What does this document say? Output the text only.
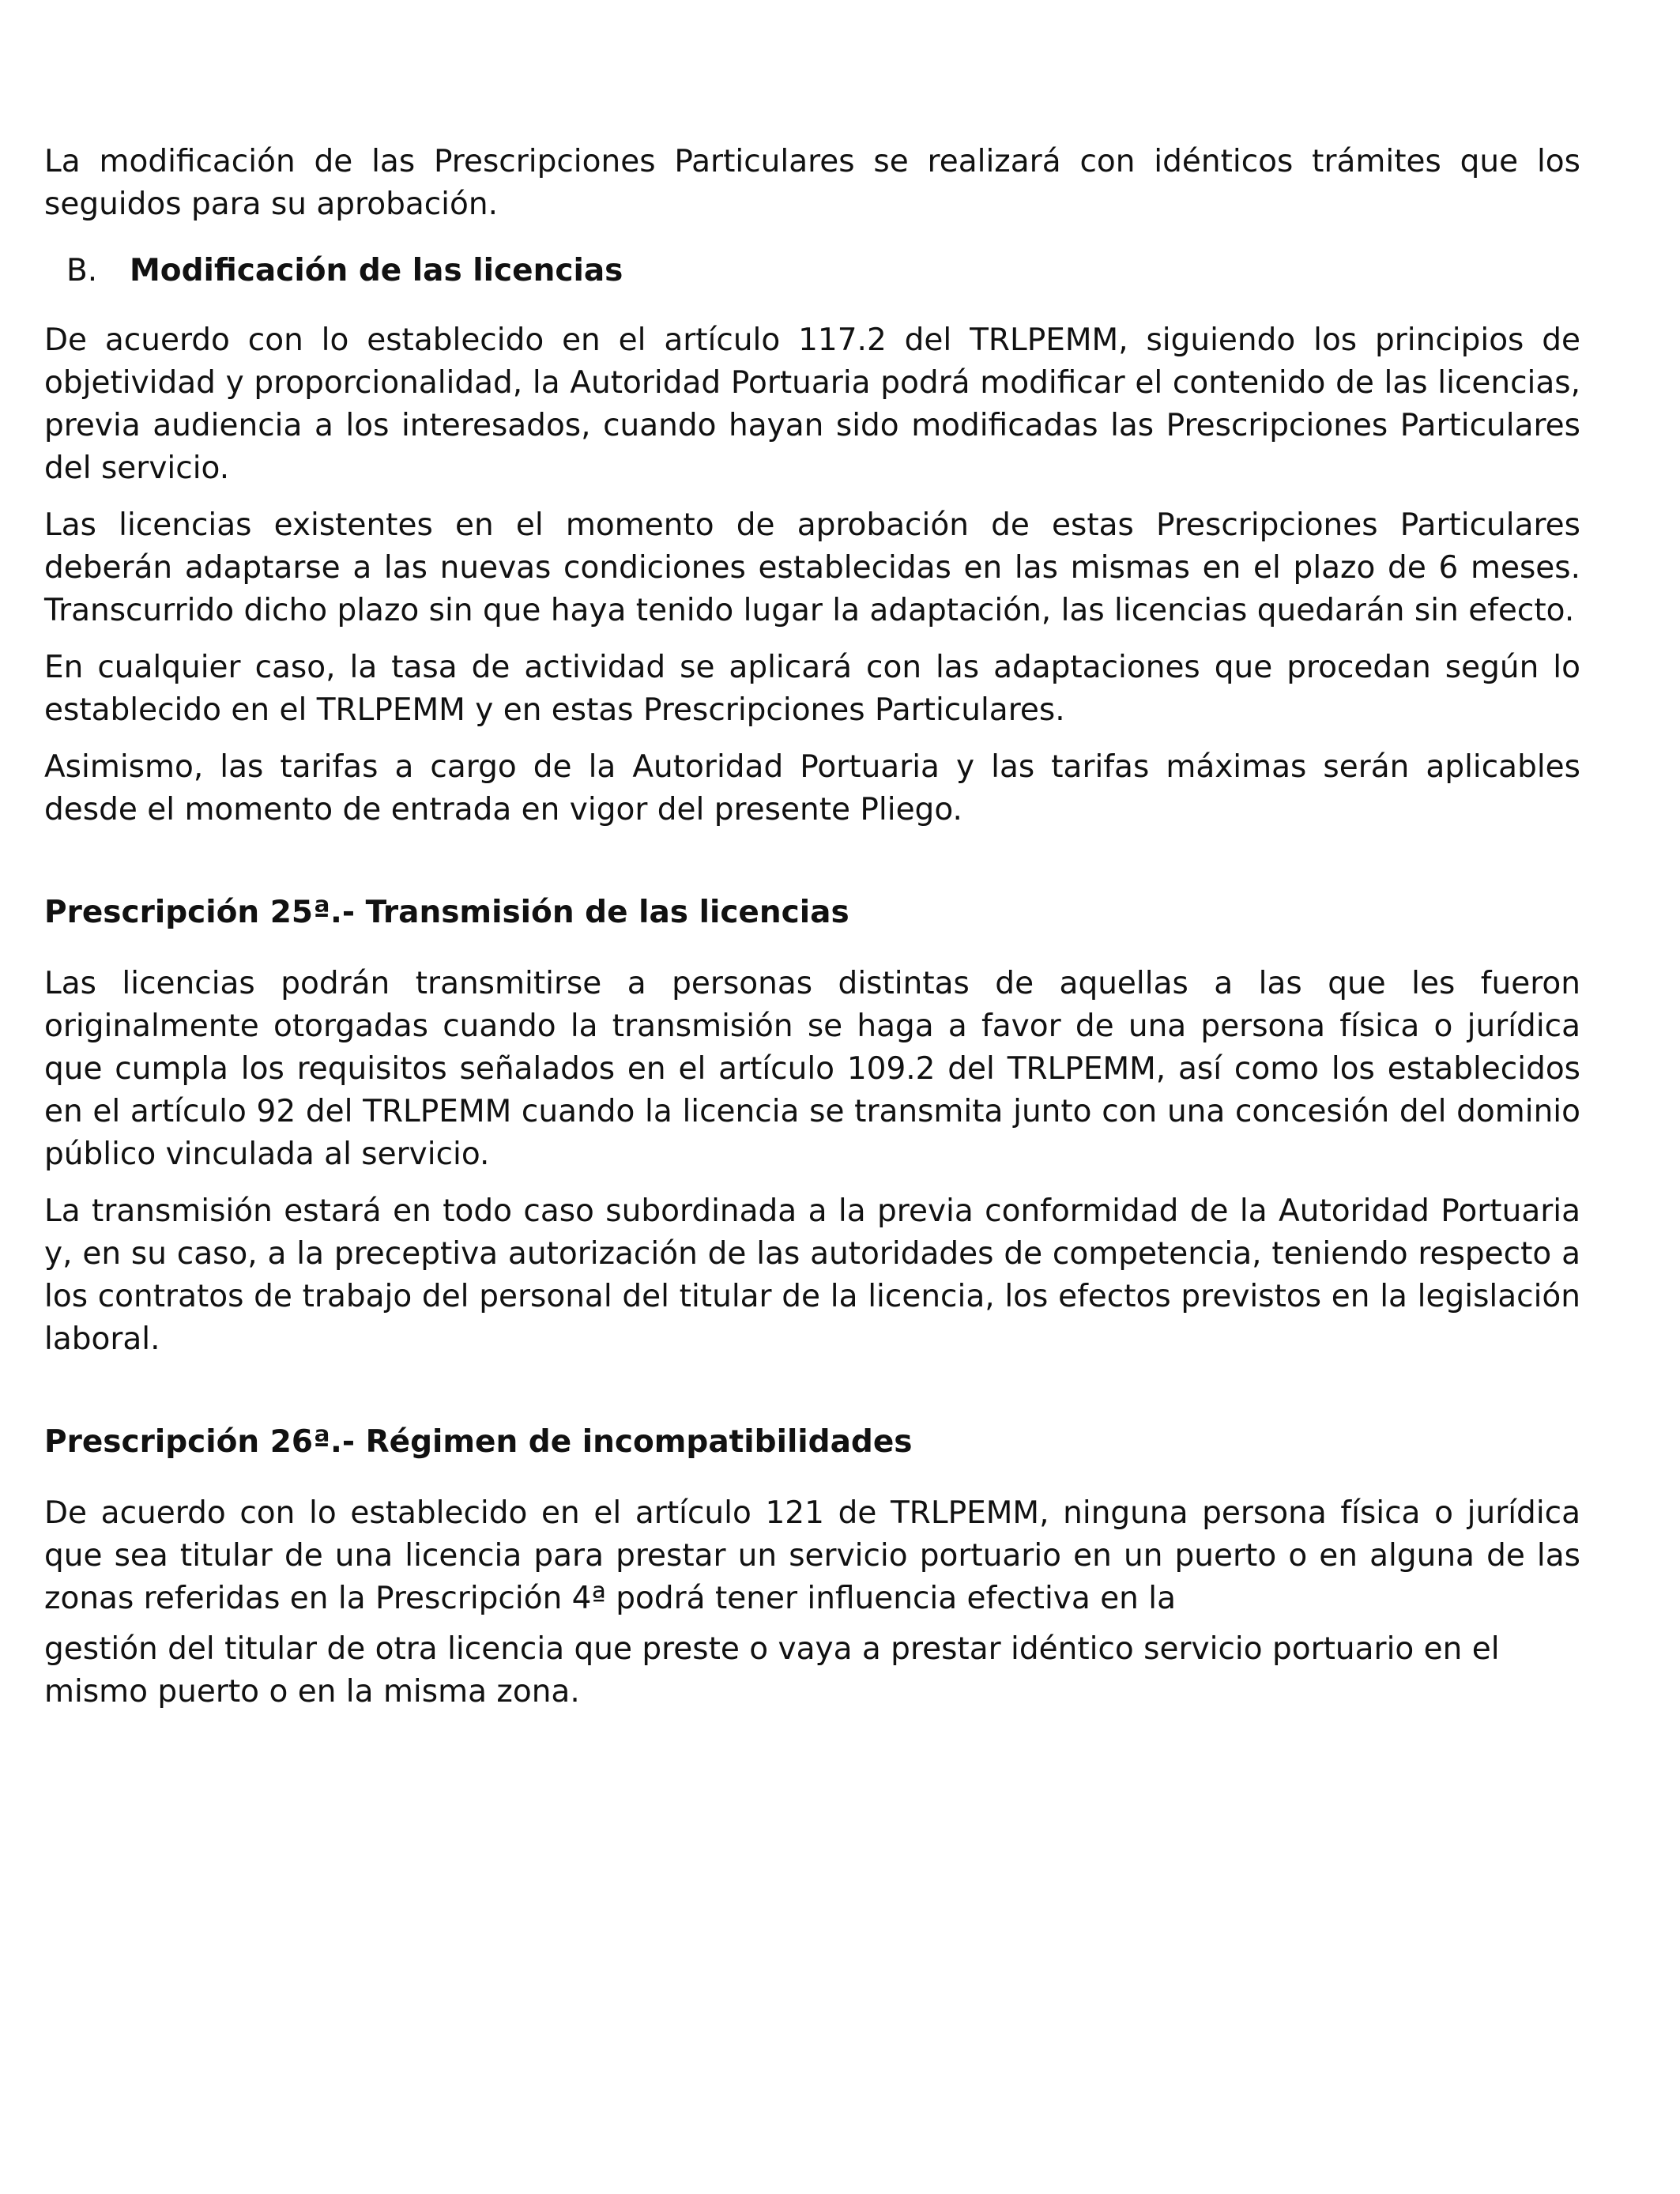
La modificación de las Prescripciones Particulares se realizará con idénticos trámites que los seguidos para su aprobación.

B. Modificación de las licencias

De acuerdo con lo establecido en el artículo 117.2 del TRLPEMM, siguiendo los principios de objetividad y proporcionalidad, la Autoridad Portuaria podrá modificar el contenido de las licencias, previa audiencia a los interesados, cuando hayan sido modificadas las Prescripciones Particulares del servicio.

Las licencias existentes en el momento de aprobación de estas Prescripciones Particulares deberán adaptarse a las nuevas condiciones establecidas en las mismas en el plazo de 6 meses. Transcurrido dicho plazo sin que haya tenido lugar la adaptación, las licencias quedarán sin efecto.

En cualquier caso, la tasa de actividad se aplicará con las adaptaciones que procedan según lo establecido en el TRLPEMM y en estas Prescripciones Particulares.

Asimismo, las tarifas a cargo de la Autoridad Portuaria y las tarifas máximas serán aplicables desde el momento de entrada en vigor del presente Pliego.

Prescripción 25ª.- Transmisión de las licencias

Las licencias podrán transmitirse a personas distintas de aquellas a las que les fueron originalmente otorgadas cuando la transmisión se haga a favor de una persona física o jurídica que cumpla los requisitos señalados en el artículo 109.2 del TRLPEMM, así como los establecidos en el artículo 92 del TRLPEMM cuando la licencia se transmita junto con una concesión del dominio público vinculada al servicio.

La transmisión estará en todo caso subordinada a la previa conformidad de la Autoridad Portuaria y, en su caso, a la preceptiva autorización de las autoridades de competencia, teniendo respecto a los contratos de trabajo del personal del titular de la licencia, los efectos previstos en la legislación laboral.

Prescripción 26ª.- Régimen de incompatibilidades

De acuerdo con lo establecido en el artículo 121 de TRLPEMM, ninguna persona física o jurídica que sea titular de una licencia para prestar un servicio portuario en un puerto o en alguna de las zonas referidas en la Prescripción 4ª podrá tener influencia efectiva en la

gestión del titular de otra licencia que preste o vaya a prestar idéntico servicio portuario en el mismo puerto o en la misma zona.
